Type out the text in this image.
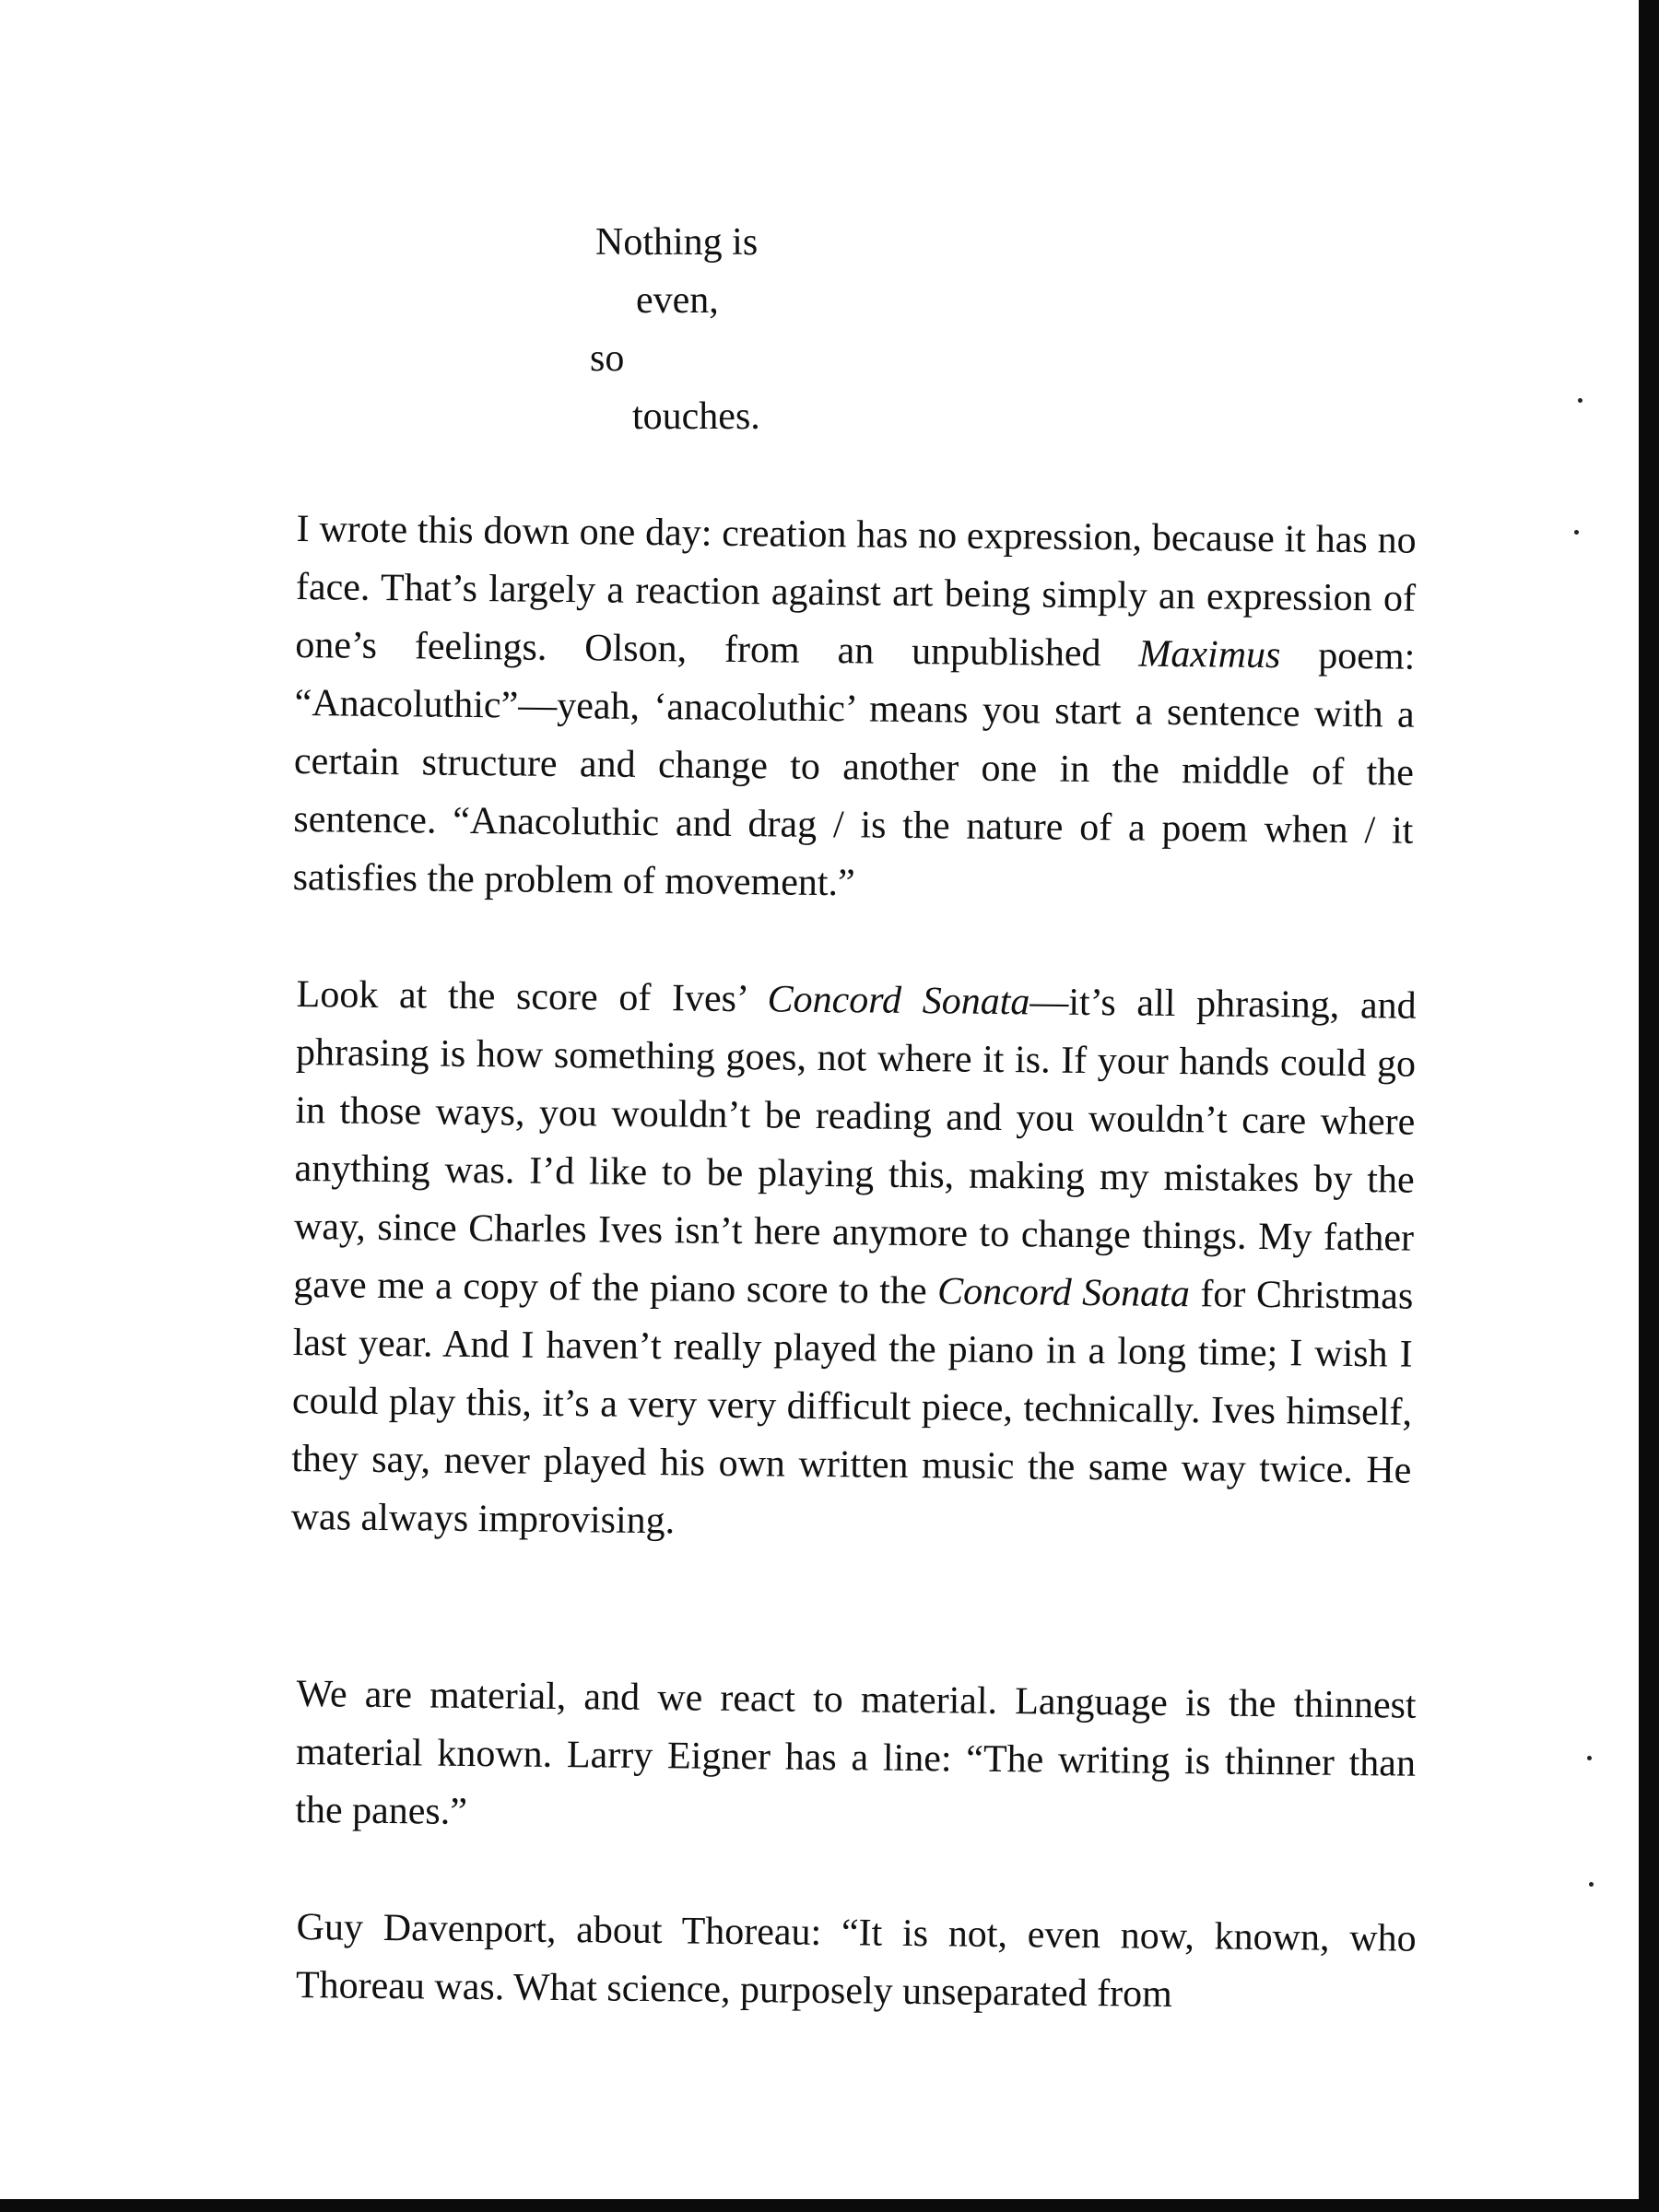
Nothing is
even,
so
touches.

I wrote this down one day: creation has no expression, because it has no face. That’s largely a reaction against art being simply an expression of one’s feelings. Olson, from an unpublished Maximus poem: “Anacoluthic”—yeah, ‘anacoluthic’ means you start a sentence with a certain structure and change to another one in the middle of the sentence. “Anacoluthic and drag / is the nature of a poem when / it satisfies the problem of movement.”

Look at the score of Ives’ Concord Sonata—it’s all phrasing, and phrasing is how something goes, not where it is. If your hands could go in those ways, you wouldn’t be reading and you wouldn’t care where anything was. I’d like to be playing this, making my mistakes by the way, since Charles Ives isn’t here anymore to change things. My father gave me a copy of the piano score to the Concord Sonata for Christmas last year. And I haven’t really played the piano in a long time; I wish I could play this, it’s a very very difficult piece, technically. Ives himself, they say, never played his own written music the same way twice. He was always improvising.

We are material, and we react to material. Language is the thinnest material known. Larry Eigner has a line: “The writing is thinner than the panes.”

Guy Davenport, about Thoreau: “It is not, even now, known, who Thoreau was. What science, purposely unseparated from
